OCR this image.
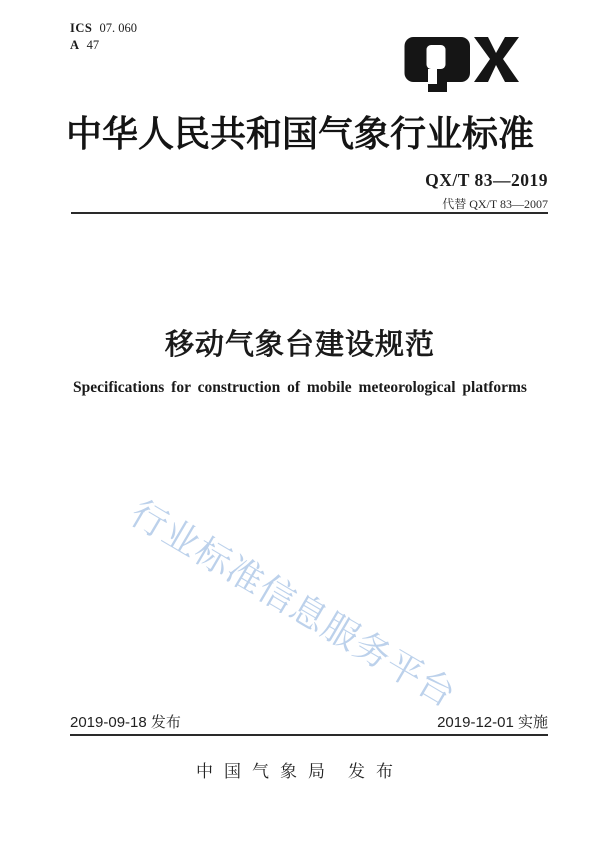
ICS 07. 060
A 47
中华人民共和国气象行业标准
QX/T 83—2019
代替 QX/T 83—2007
移动气象台建设规范
Specifications for construction of mobile meteorological platforms
行业标准信息服务平台
2019-09-18 发布	2019-12-01 实施
中国气象局 发布
